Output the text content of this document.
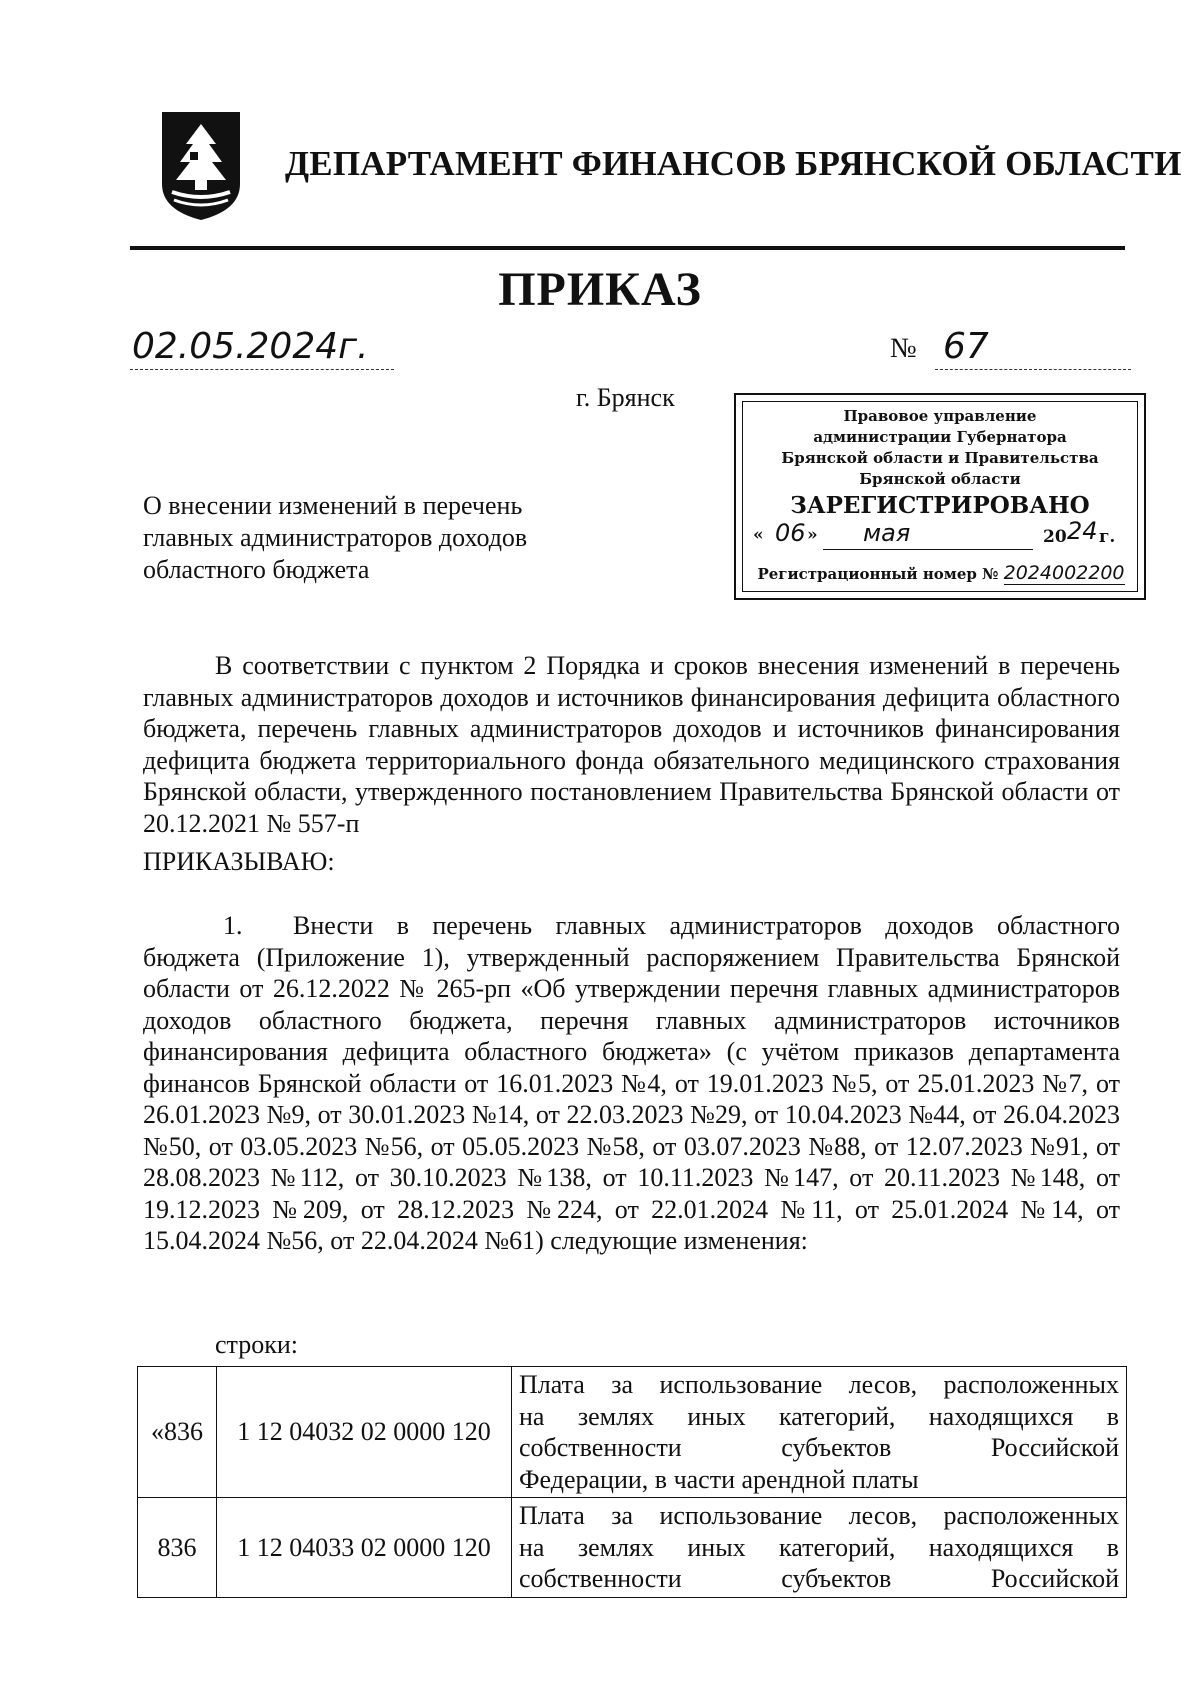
ДЕПАРТАМЕНТ ФИНАНСОВ БРЯНСКОЙ ОБЛАСТИ
ПРИКАЗ
02.05.2024г.	№ 67
г. Брянск
Правовое управление
администрации Губернатора
Брянской области и Правительства
Брянской области
ЗАРЕГИСТРИРОВАНО
« 06 » мая	20 24 г.
Регистрационный номер № 2024002200
О внесении изменений в перечень
главных администраторов доходов
областного бюджета
В соответствии с пунктом 2 Порядка и сроков внесения изменений в перечень главных администраторов доходов и источников финансирования дефицита областного бюджета, перечень главных администраторов доходов и источников финансирования дефицита бюджета территориального фонда обязательного медицинского страхования Брянской области, утвержденного постановлением Правительства Брянской области от 20.12.2021 № 557-п
ПРИКАЗЫВАЮ:
1. Внести в перечень главных администраторов доходов областного бюджета (Приложение 1), утвержденный распоряжением Правительства Брянской области от 26.12.2022 № 265-рп «Об утверждении перечня главных администраторов доходов областного бюджета, перечня главных администраторов источников финансирования дефицита областного бюджета» (с учётом приказов департамента финансов Брянской области от 16.01.2023 №4, от 19.01.2023 №5, от 25.01.2023 №7, от 26.01.2023 №9, от 30.01.2023 №14, от 22.03.2023 №29, от 10.04.2023 №44, от 26.04.2023 №50, от 03.05.2023 №56, от 05.05.2023 №58, от 03.07.2023 №88, от 12.07.2023 №91, от 28.08.2023 №112, от 30.10.2023 №138, от 10.11.2023 №147, от 20.11.2023 №148, от 19.12.2023 №209, от 28.12.2023 №224, от 22.01.2024 №11, от 25.01.2024 №14, от 15.04.2024 №56, от 22.04.2024 №61) следующие изменения:
строки:
«836	1 12 04032 02 0000 120	Плата за использование лесов, расположенных
на землях иных категорий, находящихся в
собственности субъектов Российской
Федерации, в части арендной платы

836	1 12 04033 02 0000 120	Плата за использование лесов, расположенных
на землях иных категорий, находящихся в
собственности субъектов Российской
